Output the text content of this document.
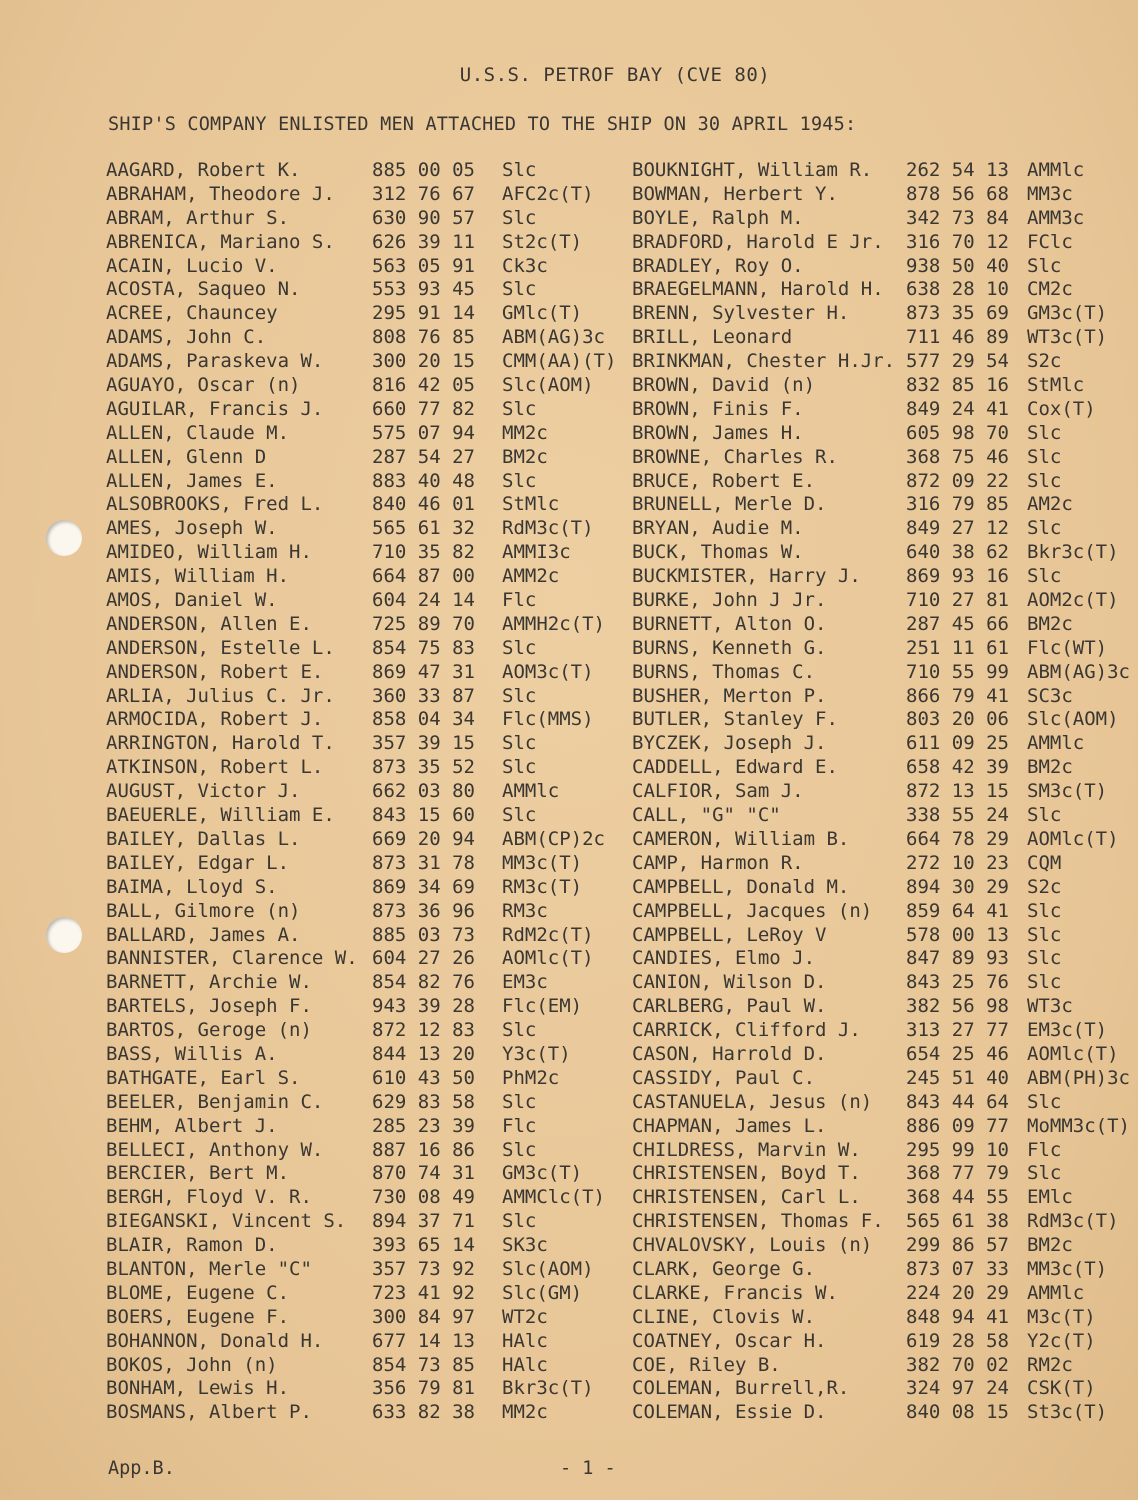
U.S.S. PETROF BAY (CVE 80)
SHIP'S COMPANY ENLISTED MEN ATTACHED TO THE SHIP ON 30 APRIL 1945:
AAGARD, Robert K.	885 00 05 Slc
ABRAHAM, Theodore J. 312 76 67 AFC2c(T)
ABRAM, Arthur S.	630 90 57 Slc
ABRENICA, Mariano S. 626 39 11 St2c(T)
ACAIN, Lucio V.	563 05 91 Ck3c
ACOSTA, Saqueo N.	553 93 45 Slc
ACREE, Chauncey	295 91 14 GMlc(T)
ADAMS, John C.	808 76 85 ABM(AG)3c
ADAMS, Paraskeva W.	300 20 15 CMM(AA)(T)
AGUAYO, Oscar (n)	816 42 05 Slc(AOM)
AGUILAR, Francis J.	660 77 82 Slc
ALLEN, Claude M.	575 07 94 MM2c
ALLEN, Glenn D	287 54 27 BM2c
ALLEN, James E.	883 40 48 Slc
ALSOBROOKS, Fred L.	840 46 01 StMlc
AMES, Joseph W.	565 61 32 RdM3c(T)
AMIDEO, William H.	710 35 82 AMMI3c
AMIS, William H.	664 87 00 AMM2c
AMOS, Daniel W.	604 24 14 Flc
ANDERSON, Allen E.	725 89 70 AMMH2c(T)
ANDERSON, Estelle L. 854 75 83 Slc
ANDERSON, Robert E.	869 47 31 AOM3c(T)
ARLIA, Julius C. Jr. 360 33 87 Slc
ARMOCIDA, Robert J.	858 04 34 Flc(MMS)
ARRINGTON, Harold T. 357 39 15 Slc
ATKINSON, Robert L.	873 35 52 Slc
AUGUST, Victor J.	662 03 80 AMMlc
BAEUERLE, William E. 843 15 60 Slc
BAILEY, Dallas L.	669 20 94 ABM(CP)2c
BAILEY, Edgar L.	873 31 78 MM3c(T)
BAIMA, Lloyd S.	869 34 69 RM3c(T)
BALL, Gilmore (n)	873 36 96 RM3c
BALLARD, James A.	885 03 73 RdM2c(T)
BANNISTER, Clarence W. 604 27 26 AOMlc(T)
BARNETT, Archie W.	854 82 76 EM3c
BARTELS, Joseph F.	943 39 28 Flc(EM)
BARTOS, Geroge (n)	872 12 83 Slc
BASS, Willis A.	844 13 20 Y3c(T)
BATHGATE, Earl S.	610 43 50 PhM2c
BEELER, Benjamin C.	629 83 58 Slc
BEHM, Albert J.	285 23 39 Flc
BELLECI, Anthony W.	887 16 86 Slc
BERCIER, Bert M.	870 74 31 GM3c(T)
BERGH, Floyd V. R.	730 08 49 AMMClc(T)
BIEGANSKI, Vincent S. 894 37 71 Slc
BLAIR, Ramon D.	393 65 14 SK3c
BLANTON, Merle "C"	357 73 92 Slc(AOM)
BLOME, Eugene C.	723 41 92 Slc(GM)
BOERS, Eugene F.	300 84 97 WT2c
BOHANNON, Donald H.	677 14 13 HAlc
BOKOS, John (n)	854 73 85 HAlc
BONHAM, Lewis H.	356 79 81 Bkr3c(T)
BOSMANS, Albert P.	633 82 38 MM2c
BOUKNIGHT, William R. 262 54 13 AMMlc
BOWMAN, Herbert Y.	878 56 68 MM3c
BOYLE, Ralph M.	342 73 84 AMM3c
BRADFORD, Harold E Jr. 316 70 12 FClc
BRADLEY, Roy O.	938 50 40 Slc
BRAEGELMANN, Harold H. 638 28 10 CM2c
BRENN, Sylvester H.	873 35 69 GM3c(T)
BRILL, Leonard	711 46 89 WT3c(T)
BRINKMAN, Chester H.Jr. 577 29 54 S2c
BROWN, David (n)	832 85 16 StMlc
BROWN, Finis F.	849 24 41 Cox(T)
BROWN, James H.	605 98 70 Slc
BROWNE, Charles R.	368 75 46 Slc
BRUCE, Robert E.	872 09 22 Slc
BRUNELL, Merle D.	316 79 85 AM2c
BRYAN, Audie M.	849 27 12 Slc
BUCK, Thomas W.	640 38 62 Bkr3c(T)
BUCKMISTER, Harry J. 869 93 16 Slc
BURKE, John J Jr.	710 27 81 AOM2c(T)
BURNETT, Alton O.	287 45 66 BM2c
BURNS, Kenneth G.	251 11 61 Flc(WT)
BURNS, Thomas C.	710 55 99 ABM(AG)3c
BUSHER, Merton P.	866 79 41 SC3c
BUTLER, Stanley F.	803 20 06 Slc(AOM)
BYCZEK, Joseph J.	611 09 25 AMMlc
CADDELL, Edward E.	658 42 39 BM2c
CALFIOR, Sam J.	872 13 15 SM3c(T)
CALL, "G" "C"	338 55 24 Slc
CAMERON, William B.	664 78 29 AOMlc(T)
CAMP, Harmon R.	272 10 23 CQM
CAMPBELL, Donald M.	894 30 29 S2c
CAMPBELL, Jacques (n) 859 64 41 Slc
CAMPBELL, LeRoy V	578 00 13 Slc
CANDIES, Elmo J.	847 89 93 Slc
CANION, Wilson D.	843 25 76 Slc
CARLBERG, Paul W.	382 56 98 WT3c
CARRICK, Clifford J. 313 27 77 EM3c(T)
CASON, Harrold D.	654 25 46 AOMlc(T)
CASSIDY, Paul C.	245 51 40 ABM(PH)3c
CASTANUELA, Jesus (n) 843 44 64 Slc
CHAPMAN, James L.	886 09 77 MoMM3c(T)
CHILDRESS, Marvin W. 295 99 10 Flc
CHRISTENSEN, Boyd T. 368 77 79 Slc
CHRISTENSEN, Carl L. 368 44 55 EMlc
CHRISTENSEN, Thomas F. 565 61 38 RdM3c(T)
CHVALOVSKY, Louis (n) 299 86 57 BM2c
CLARK, George G.	873 07 33 MM3c(T)
CLARKE, Francis W.	224 20 29 AMMlc
CLINE, Clovis W.	848 94 41 M3c(T)
COATNEY, Oscar H.	619 28 58 Y2c(T)
COE, Riley B.	382 70 02 RM2c
COLEMAN, Burrell,R.	324 97 24 CSK(T)
COLEMAN, Essie D.	840 08 15 St3c(T)
App.B.	- 1 -
